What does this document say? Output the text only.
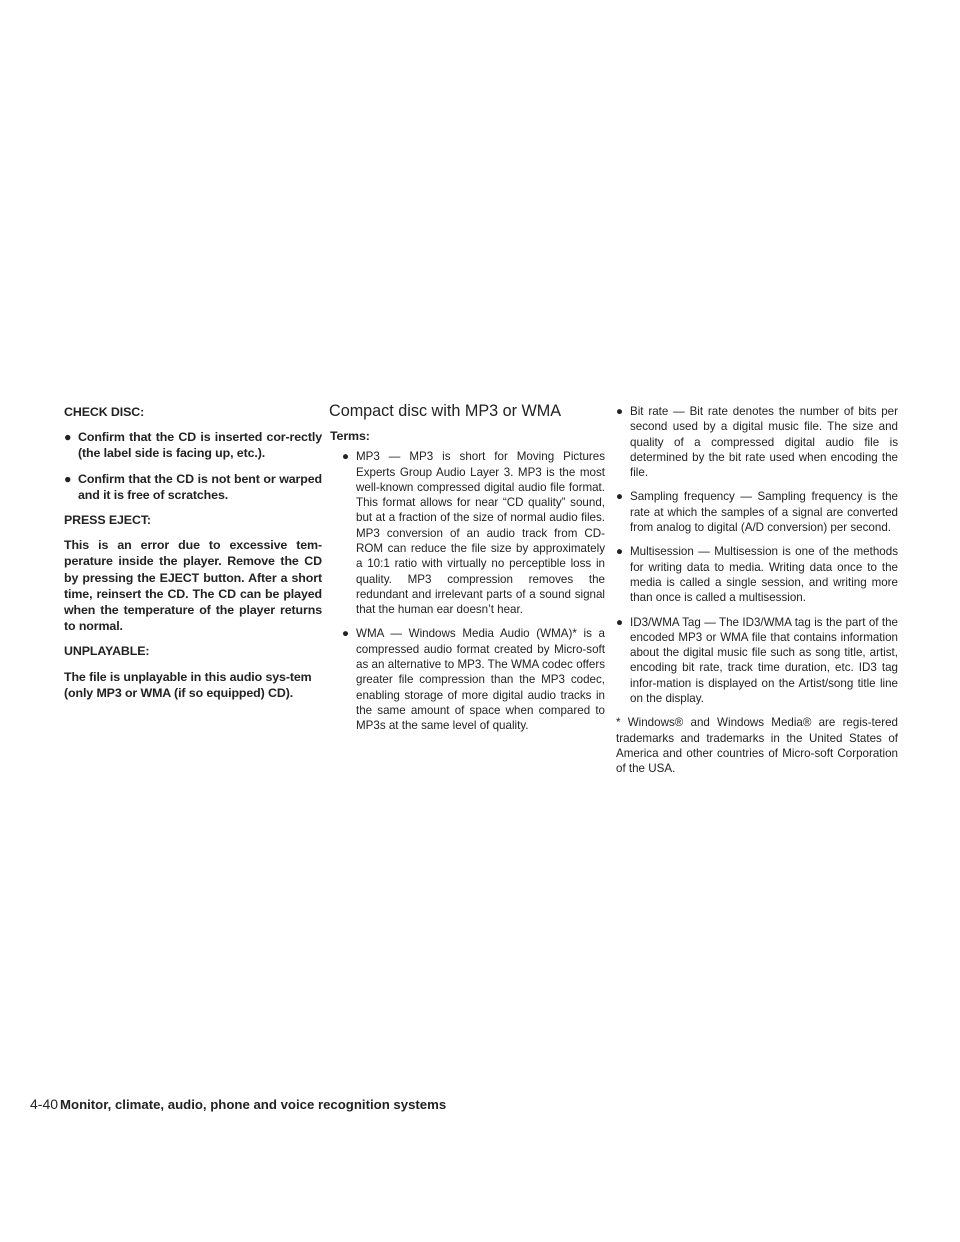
CHECK DISC:
● Confirm that the CD is inserted cor-rectly (the label side is facing up, etc.).
● Confirm that the CD is not bent or warped and it is free of scratches.
PRESS EJECT:
This is an error due to excessive tem-perature inside the player. Remove the CD by pressing the EJECT button. After a short time, reinsert the CD. The CD can be played when the temperature of the player returns to normal.
UNPLAYABLE:
The file is unplayable in this audio sys-tem (only MP3 or WMA (if so equipped) CD).
Compact disc with MP3 or WMA
Terms:
● MP3 — MP3 is short for Moving Pictures Experts Group Audio Layer 3. MP3 is the most well-known compressed digital audio file format. This format allows for near “CD quality” sound, but at a fraction of the size of normal audio files. MP3 conversion of an audio track from CD-ROM can reduce the file size by approximately a 10:1 ratio with virtually no perceptible loss in quality. MP3 compression removes the redundant and irrelevant parts of a sound signal that the human ear doesn’t hear.
● WMA — Windows Media Audio (WMA)* is a compressed audio format created by Micro-soft as an alternative to MP3. The WMA codec offers greater file compression than the MP3 codec, enabling storage of more digital audio tracks in the same amount of space when compared to MP3s at the same level of quality.
● Bit rate — Bit rate denotes the number of bits per second used by a digital music file. The size and quality of a compressed digital audio file is determined by the bit rate used when encoding the file.
● Sampling frequency — Sampling frequency is the rate at which the samples of a signal are converted from analog to digital (A/D conversion) per second.
● Multisession — Multisession is one of the methods for writing data to media. Writing data once to the media is called a single session, and writing more than once is called a multisession.
● ID3/WMA Tag — The ID3/WMA tag is the part of the encoded MP3 or WMA file that contains information about the digital music file such as song title, artist, encoding bit rate, track time duration, etc. ID3 tag infor-mation is displayed on the Artist/song title line on the display.
* Windows® and Windows Media® are regis-tered trademarks and trademarks in the United States of America and other countries of Micro-soft Corporation of the USA.
4-40 Monitor, climate, audio, phone and voice recognition systems
